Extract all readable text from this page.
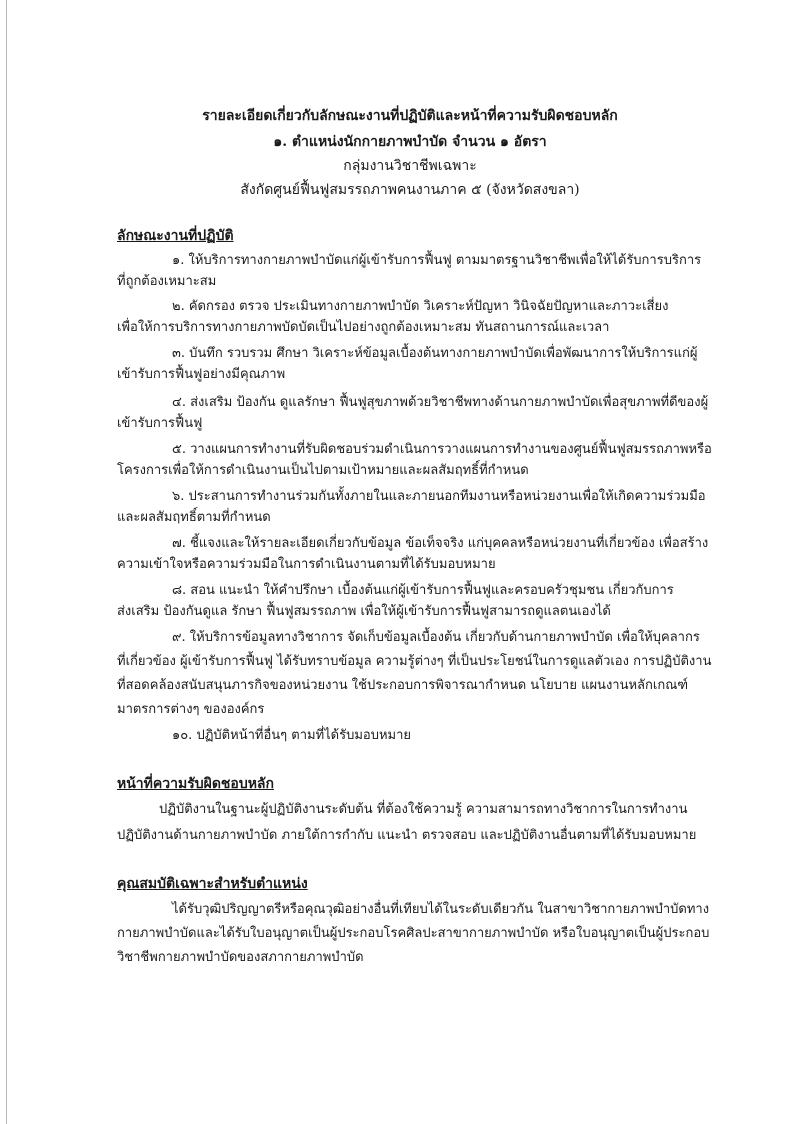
รายละเอียดเกี่ยวกับลักษณะงานที่ปฏิบัติและหน้าที่ความรับผิดชอบหลัก
๑. ตำแหน่งนักกายภาพบำบัด จำนวน ๑ อัตรา
กลุ่มงานวิชาชีพเฉพาะ
สังกัดศูนย์ฟื้นฟูสมรรถภาพคนงานภาค ๕ (จังหวัดสงขลา)
ลักษณะงานที่ปฏิบัติ
๑. ให้บริการทางกายภาพบำบัดแก่ผู้เข้ารับการฟื้นฟู ตามมาตรฐานวิชาชีพเพื่อให้ได้รับการบริการ
ที่ถูกต้องเหมาะสม
๒. คัดกรอง ตรวจ ประเมินทางกายภาพบำบัด วิเคราะห์ปัญหา วินิจฉัยปัญหาและภาวะเสี่ยง
เพื่อให้การบริการทางกายภาพบัดบัดเป็นไปอย่างถูกต้องเหมาะสม ทันสถานการณ์และเวลา
๓. บันทึก รวบรวม ศึกษา วิเคราะห์ข้อมูลเบื้องต้นทางกายภาพบำบัดเพื่อพัฒนาการให้บริการแก่ผู้
เข้ารับการฟื้นฟูอย่างมีคุณภาพ
๔. ส่งเสริม ป้องกัน ดูแลรักษา ฟื้นฟูสุขภาพด้วยวิชาชีพทางด้านกายภาพบำบัดเพื่อสุขภาพที่ดีของผู้
เข้ารับการฟื้นฟู
๕. วางแผนการทำงานที่รับผิดชอบร่วมดำเนินการวางแผนการทำงานของศูนย์ฟื้นฟูสมรรถภาพหรือ
โครงการเพื่อให้การดำเนินงานเป็นไปตามเป้าหมายและผลสัมฤทธิ์ที่กำหนด
๖. ประสานการทำงานร่วมกันทั้งภายในและภายนอกทีมงานหรือหน่วยงานเพื่อให้เกิดความร่วมมือ
และผลสัมฤทธิ์ตามที่กำหนด
๗. ชี้แจงและให้รายละเอียดเกี่ยวกับข้อมูล ข้อเท็จจริง แก่บุคคลหรือหน่วยงานที่เกี่ยวข้อง เพื่อสร้าง
ความเข้าใจหรือความร่วมมือในการดำเนินงานตามที่ได้รับมอบหมาย
๘. สอน แนะนำ ให้คำปรึกษา เบื้องต้นแก่ผู้เข้ารับการฟื้นฟูและครอบครัวชุมชน เกี่ยวกับการ
ส่งเสริม ป้องกันดูแล รักษา ฟื้นฟูสมรรถภาพ เพื่อให้ผู้เข้ารับการฟื้นฟูสามารถดูแลตนเองได้
๙. ให้บริการข้อมูลทางวิชาการ จัดเก็บข้อมูลเบื้องต้น เกี่ยวกับด้านกายภาพบำบัด เพื่อให้บุคลากร
ที่เกี่ยวข้อง ผู้เข้ารับการฟื้นฟู ได้รับทราบข้อมูล ความรู้ต่างๆ ที่เป็นประโยชน์ในการดูแลตัวเอง การปฏิบัติงาน
ที่สอดคล้องสนับสนุนภารกิจของหน่วยงาน ใช้ประกอบการพิจารณากำหนด นโยบาย แผนงานหลักเกณฑ์
มาตรการต่างๆ ขององค์กร
๑๐. ปฏิบัติหน้าที่อื่นๆ ตามที่ได้รับมอบหมาย
หน้าที่ความรับผิดชอบหลัก
ปฏิบัติงานในฐานะผู้ปฏิบัติงานระดับต้น ที่ต้องใช้ความรู้ ความสามารถทางวิชาการในการทำงาน
ปฏิบัติงานด้านกายภาพบำบัด ภายใต้การกำกับ แนะนำ ตรวจสอบ และปฏิบัติงานอื่นตามที่ได้รับมอบหมาย
คุณสมบัติเฉพาะสำหรับตำแหน่ง
ได้รับวุฒิปริญญาตรีหรือคุณวุฒิอย่างอื่นที่เทียบได้ในระดับเดียวกัน ในสาขาวิชากายภาพบำบัดทาง
กายภาพบำบัดและได้รับใบอนุญาตเป็นผู้ประกอบโรคศิลปะสาขากายภาพบำบัด หรือใบอนุญาตเป็นผู้ประกอบ
วิชาชีพกายภาพบำบัดของสภากายภาพบำบัด
